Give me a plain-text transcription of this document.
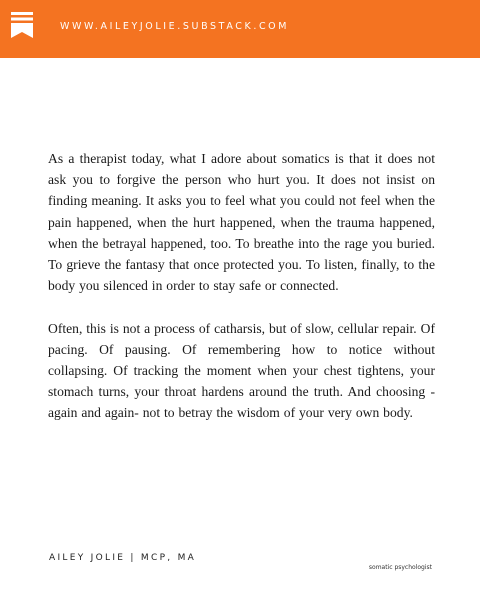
WWW.AILEYJOLIE.SUBSTACK.COM

As a therapist today, what I adore about somatics is that it does not ask you to forgive the person who hurt you. It does not insist on finding meaning. It asks you to feel what you could not feel when the pain happened, when the hurt happened, when the trauma happened, when the betrayal happened, too. To breathe into the rage you buried. To grieve the fantasy that once protected you. To listen, finally, to the body you silenced in order to stay safe or connected.

Often, this is not a process of catharsis, but of slow, cellular repair. Of pacing. Of pausing. Of remembering how to notice without collapsing. Of tracking the moment when your chest tightens, your stomach turns, your throat hardens around the truth. And choosing - again and again- not to betray the wisdom of your very own body.

AILEY JOLIE | MCP, MA
somatic psychologist
